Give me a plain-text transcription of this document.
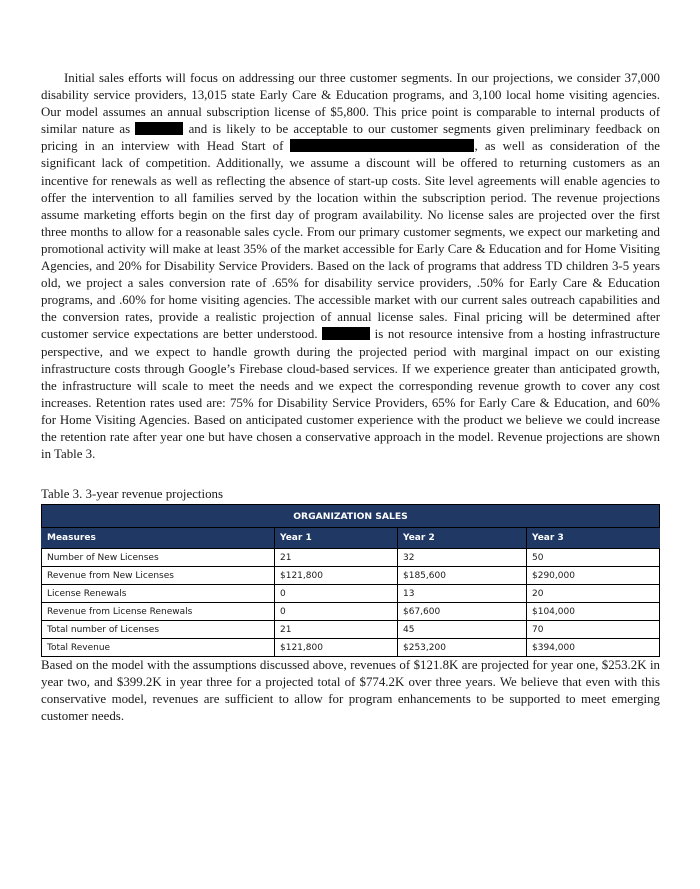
Initial sales efforts will focus on addressing our three customer segments. In our projections, we consider 37,000 disability service providers, 13,015 state Early Care & Education programs, and 3,100 local home visiting agencies. Our model assumes an annual subscription license of $5,800. This price point is comparable to internal products of similar nature as	and is likely to be acceptable to our customer segments given preliminary feedback on pricing in an interview with Head Start of	, as well as consideration of the significant lack of competition. Additionally, we assume a discount will be offered to returning customers as an incentive for renewals as well as reflecting the absence of start-up costs. Site level agreements will enable agencies to offer the intervention to all families served by the location within the subscription period. The revenue projections assume marketing efforts begin on the first day of program availability. No license sales are projected over the first three months to allow for a reasonable sales cycle. From our primary customer segments, we expect our marketing and promotional activity will make at least 35% of the market accessible for Early Care & Education and for Home Visiting Agencies, and 20% for Disability Service Providers. Based on the lack of programs that address TD children 3-5 years old, we project a sales conversion rate of .65% for disability service providers, .50% for Early Care & Education programs, and .60% for home visiting agencies. The accessible market with our current sales outreach capabilities and the conversion rates, provide a realistic projection of annual license sales. Final pricing will be determined after customer service expectations are better understood.	is not resource intensive from a hosting infrastructure perspective, and we expect to handle growth during the projected period with marginal impact on our existing infrastructure costs through Google’s Firebase cloud-based services. If we experience greater than anticipated growth, the infrastructure will scale to meet the needs and we expect the corresponding revenue growth to cover any cost increases. Retention rates used are: 75% for Disability Service Providers, 65% for Early Care & Education, and 60% for Home Visiting Agencies. Based on anticipated customer experience with the product we believe we could increase the retention rate after year one but have chosen a conservative approach in the model. Revenue projections are shown in Table 3.

Table 3. 3-year revenue projections
ORGANIZATION SALES			
Measures	Year 1	Year 2	Year 3
Number of New Licenses	21	32	50
Revenue from New Licenses	$121,800	$185,600	$290,000
License Renewals	0	13	20
Revenue from License Renewals	0	$67,600	$104,000
Total number of Licenses	21	45	70
Total Revenue	$121,800	$253,200	$394,000

Based on the model with the assumptions discussed above, revenues of $121.8K are projected for year one, $253.2K in year two, and $399.2K in year three for a projected total of $774.2K over three years. We believe that even with this conservative model, revenues are sufficient to allow for program enhancements to be supported to meet emerging customer needs.
